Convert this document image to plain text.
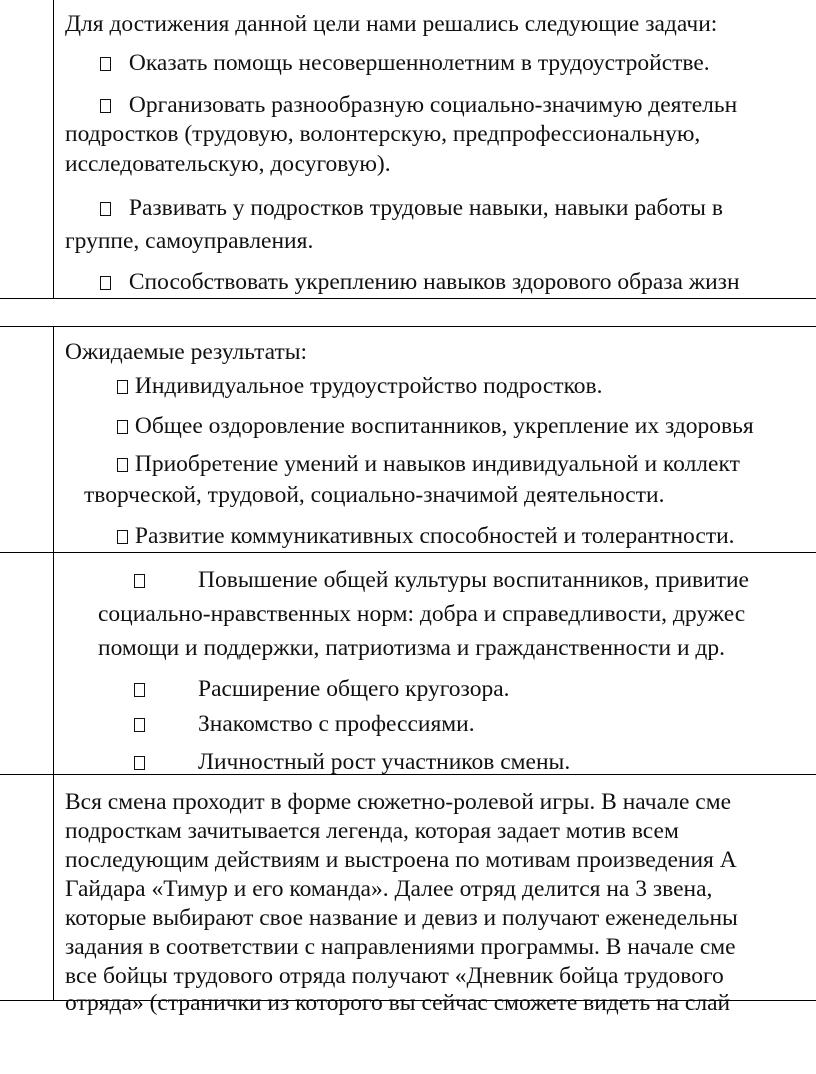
Для достижения данной цели нами решались следующие задачи:
Оказать помощь несовершеннолетним в трудоустройстве.
Организовать разнообразную социально-значимую деятельн
подростков (трудовую, волонтерскую, предпрофессиональную,
исследовательскую, досуговую).
Развивать у подростков трудовые навыки, навыки работы в
группе, самоуправления.
Способствовать укреплению навыков здорового образа жизн
Ожидаемые результаты:
Индивидуальное трудоустройство подростков.
Общее оздоровление воспитанников, укрепление их здоровья
Приобретение умений и навыков индивидуальной и коллект
творческой, трудовой, социально-значимой деятельности.
Развитие коммуникативных способностей и толерантности.
Повышение общей культуры воспитанников, привитие
социально-нравственных норм: добра и справедливости, дружес
помощи и поддержки, патриотизма и гражданственности и др.
Расширение общего кругозора.
Знакомство с профессиями.
Личностный рост участников смены.
Вся смена проходит в форме сюжетно-ролевой игры. В начале сме
подросткам зачитывается легенда, которая задает мотив всем
последующим действиям и выстроена по мотивам произведения А
Гайдара «Тимур и его команда». Далее отряд делится на 3 звена,
которые выбирают свое название и девиз и получают еженедельны
задания в соответствии с направлениями программы. В начале сме
все бойцы трудового отряда получают «Дневник бойца трудового
отряда» (странички из которого вы сейчас сможете видеть на слай
